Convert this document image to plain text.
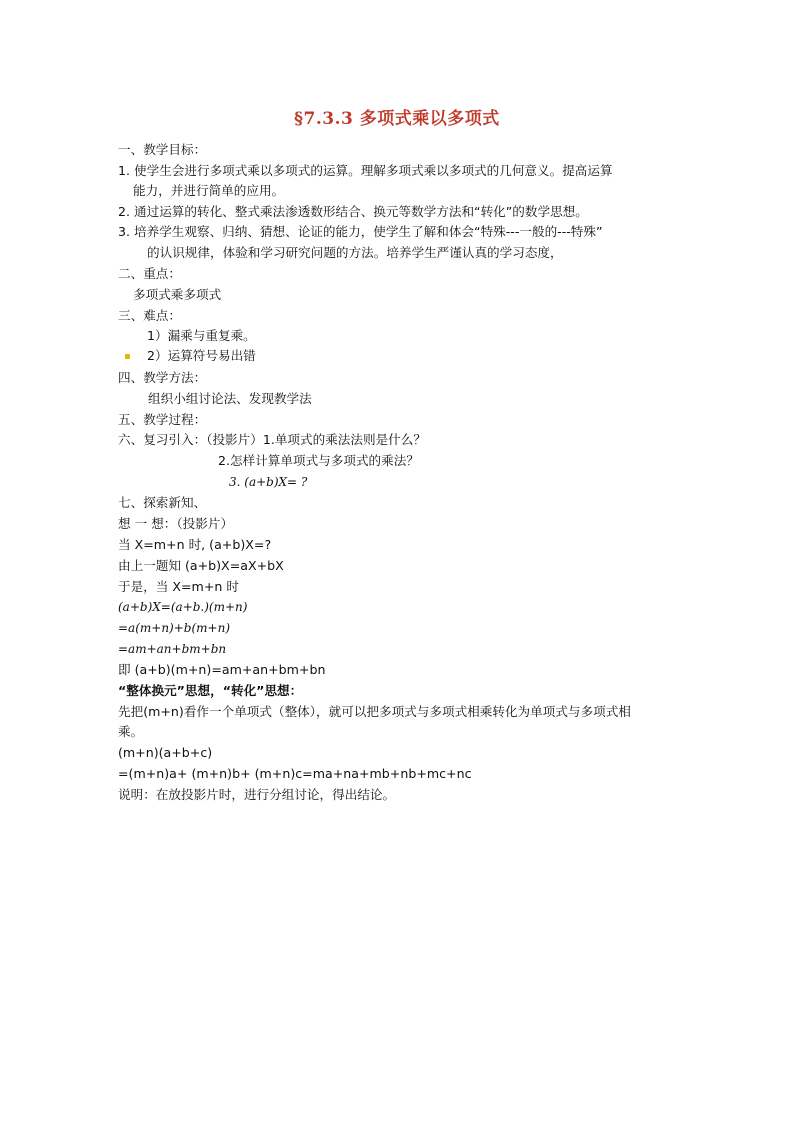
§7.3.3 多项式乘以多项式
一、教学目标：
1. 使学生会进行多项式乘以多项式的运算。理解多项式乘以多项式的几何意义。提高运算
能力，并进行简单的应用。
2. 通过运算的转化、整式乘法渗透数形结合、换元等数学方法和“转化”的数学思想。
3. 培养学生观察、归纳、猜想、论证的能力，使学生了解和体会“特殊---一般的---特殊”
的认识规律，体验和学习研究问题的方法。培养学生严谨认真的学习态度，
二、重点：
多项式乘多项式
三、难点：
1）漏乘与重复乘。
2）运算符号易出错
四、教学方法：
组织小组讨论法、发现教学法
五、教学过程：
六、复习引入：（投影片）1.单项式的乘法法则是什么？
2.怎样计算单项式与多项式的乘法？
3. (a+b)X= ?
七、探索新知、
想 一 想：（投影片）
当 X=m+n 时, (a+b)X=?
由上一题知 (a+b)X=aX+bX
于是，当 X=m+n 时
(a+b)X=(a+b.)(m+n)
=a(m+n)+b(m+n)
=am+an+bm+bn
即 (a+b)(m+n)=am+an+bm+bn
“整体换元”思想，“转化”思想：
先把(m+n)看作一个单项式（整体），就可以把多项式与多项式相乘转化为单项式与多项式相
乘。
(m+n)(a+b+c)
=(m+n)a+ (m+n)b+ (m+n)c=ma+na+mb+nb+mc+nc
说明：在放投影片时，进行分组讨论，得出结论。
